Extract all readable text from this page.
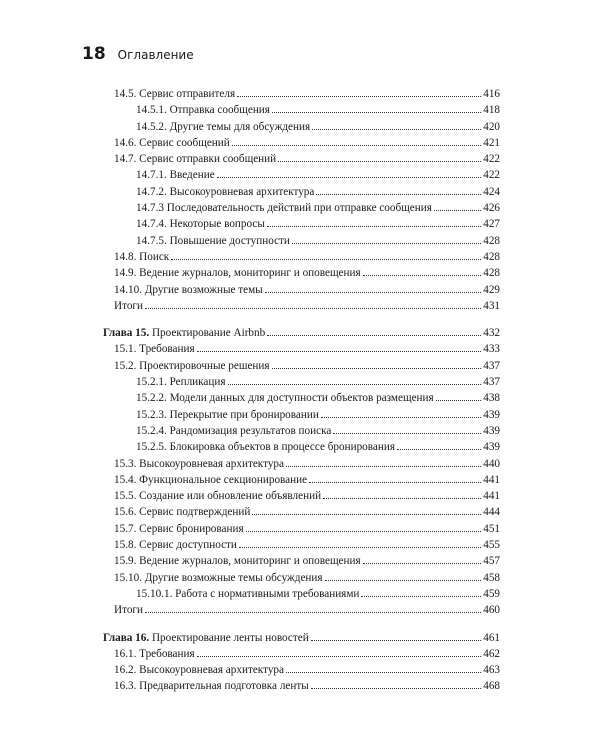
18 Оглавление
14.5. Сервис отправителя	416
14.5.1. Отправка сообщения	418
14.5.2. Другие темы для обсуждения	420
14.6. Сервис сообщений	421
14.7. Сервис отправки сообщений	422
14.7.1. Введение	422
14.7.2. Высокоуровневая архитектура	424
14.7.3 Последовательность действий при отправке сообщения	426
14.7.4. Некоторые вопросы	427
14.7.5. Повышение доступности	428
14.8. Поиск	428
14.9. Ведение журналов, мониторинг и оповещения	428
14.10. Другие возможные темы	429
Итоги	431
Глава 15. Проектирование Airbnb	432
15.1. Требования	433
15.2. Проектировочные решения	437
15.2.1. Репликация	437
15.2.2. Модели данных для доступности объектов размещения	438
15.2.3. Перекрытие при бронировании	439
15.2.4. Рандомизация результатов поиска	439
15.2.5. Блокировка объектов в процессе бронирования	439
15.3. Высокоуровневая архитектура	440
15.4. Функциональное секционирование	441
15.5. Создание или обновление объявлений	441
15.6. Сервис подтверждений	444
15.7. Сервис бронирования	451
15.8. Сервис доступности	455
15.9. Ведение журналов, мониторинг и оповещения	457
15.10. Другие возможные темы обсуждения	458
15.10.1. Работа с нормативными требованиями	459
Итоги	460
Глава 16. Проектирование ленты новостей	461
16.1. Требования	462
16.2. Высокоуровневая архитектура	463
16.3. Предварительная подготовка ленты	468
